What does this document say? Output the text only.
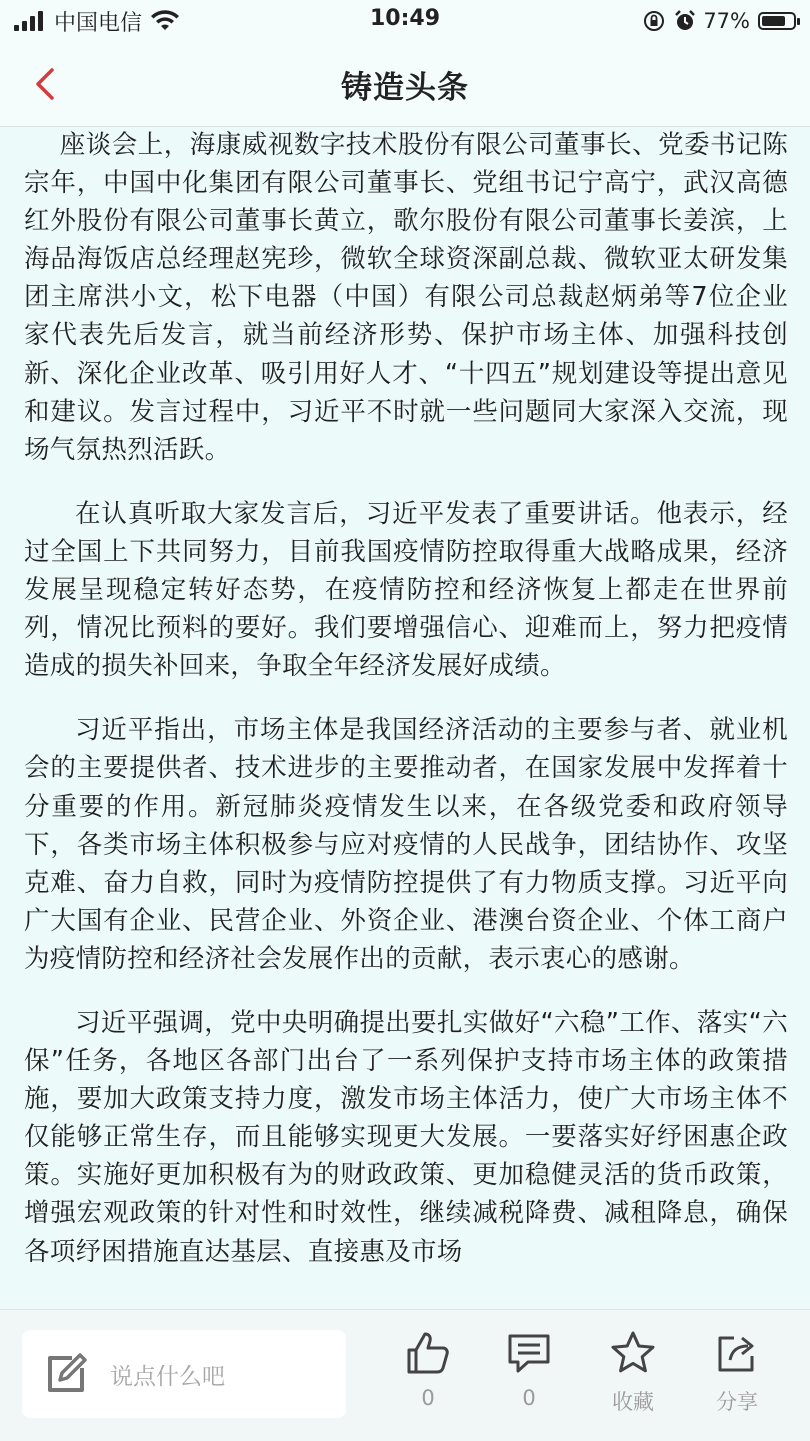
中国电信	10:49	77%
铸造头条

座谈会上，海康威视数字技术股份有限公司董事长、党委书记陈宗年，中国中化集团有限公司董事长、党组书记宁高宁，武汉高德红外股份有限公司董事长黄立，歌尔股份有限公司董事长姜滨，上海品海饭店总经理赵宪珍，微软全球资深副总裁、微软亚太研发集团主席洪小文，松下电器（中国）有限公司总裁赵炳弟等7位企业家代表先后发言，就当前经济形势、保护市场主体、加强科技创新、深化企业改革、吸引用好人才、“十四五”规划建设等提出意见和建议。发言过程中，习近平不时就一些问题同大家深入交流，现场气氛热烈活跃。

在认真听取大家发言后，习近平发表了重要讲话。他表示，经过全国上下共同努力，目前我国疫情防控取得重大战略成果，经济发展呈现稳定转好态势，在疫情防控和经济恢复上都走在世界前列，情况比预料的要好。我们要增强信心、迎难而上，努力把疫情造成的损失补回来，争取全年经济发展好成绩。

习近平指出，市场主体是我国经济活动的主要参与者、就业机会的主要提供者、技术进步的主要推动者，在国家发展中发挥着十分重要的作用。新冠肺炎疫情发生以来，在各级党委和政府领导下，各类市场主体积极参与应对疫情的人民战争，团结协作、攻坚克难、奋力自救，同时为疫情防控提供了有力物质支撑。习近平向广大国有企业、民营企业、外资企业、港澳台资企业、个体工商户为疫情防控和经济社会发展作出的贡献，表示衷心的感谢。

习近平强调，党中央明确提出要扎实做好“六稳”工作、落实“六保”任务，各地区各部门出台了一系列保护支持市场主体的政策措施，要加大政策支持力度，激发市场主体活力，使广大市场主体不仅能够正常生存，而且能够实现更大发展。一要落实好纾困惠企政策。实施好更加积极有为的财政政策、更加稳健灵活的货币政策，增强宏观政策的针对性和时效性，继续减税降费、减租降息，确保各项纾困措施直达基层、直接惠及市场

说点什么吧
0	0	收藏	分享
